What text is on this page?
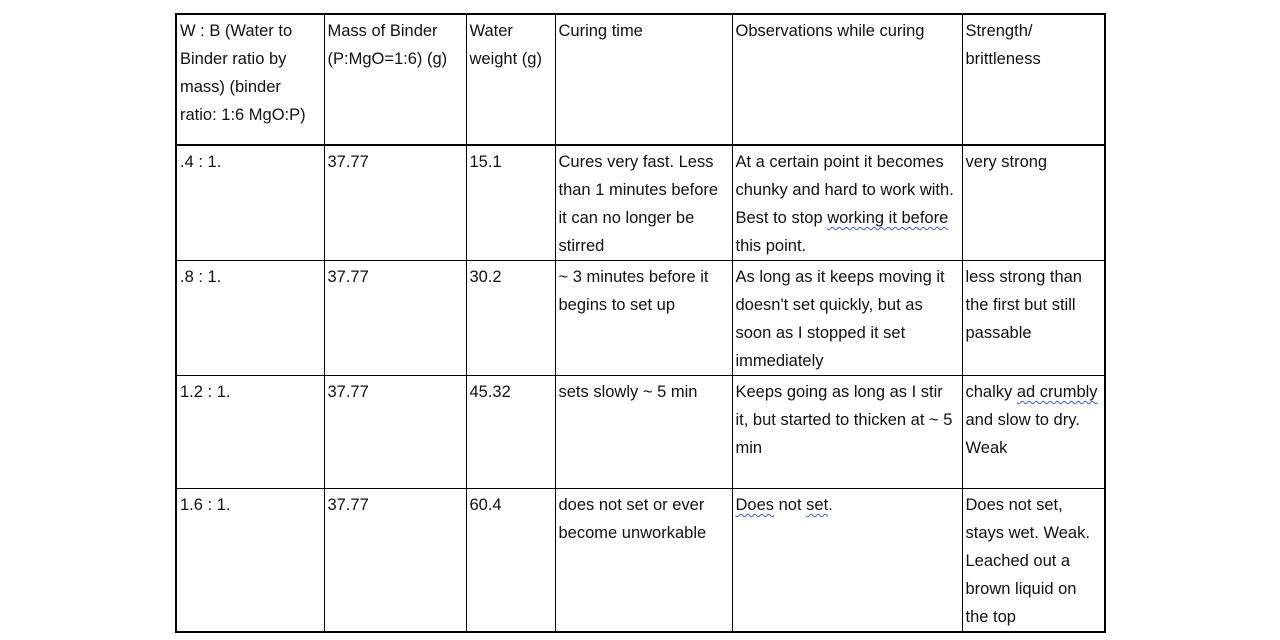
W : B (Water to Binder ratio by mass) (binder ratio: 1:6 MgO:P)	Mass of Binder (P:MgO=1:6) (g)	Water weight (g)	Curing time	Observations while curing	Strength/ brittleness
.4 : 1.	37.77	15.1	Cures very fast. Less than 1 minutes before it can no longer be stirred	At a certain point it becomes chunky and hard to work with. Best to stop working it before this point.	very strong
.8 : 1.	37.77	30.2	~ 3 minutes before it begins to set up	As long as it keeps moving it doesn't set quickly, but as soon as I stopped it set immediately	less strong than the first but still passable
1.2 : 1.	37.77	45.32	sets slowly ~ 5 min	Keeps going as long as I stir it, but started to thicken at ~ 5 min	chalky ad crumbly and slow to dry. Weak
1.6 : 1.	37.77	60.4	does not set or ever become unworkable	Does not set.	Does not set, stays wet. Weak. Leached out a brown liquid on the top
